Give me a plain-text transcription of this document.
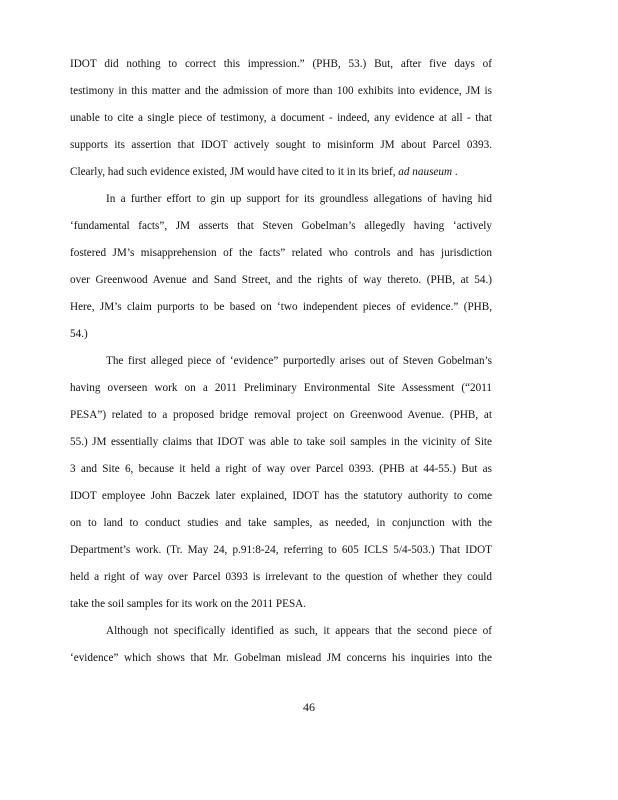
IDOT did nothing to correct this impression.” (PHB, 53.) But, after five days of
testimony in this matter and the admission of more than 100 exhibits into evidence, JM is
unable to cite a single piece of testimony, a document - indeed, any evidence at all - that
supports its assertion that IDOT actively sought to misinform JM about Parcel 0393.
Clearly, had such evidence existed, JM would have cited to it in its brief, ad nauseum .
In a further effort to gin up support for its groundless allegations of having hid
‘fundamental facts”, JM asserts that Steven Gobelman’s allegedly having ‘actively
fostered JM’s misapprehension of the facts” related who controls and has jurisdiction
over Greenwood Avenue and Sand Street, and the rights of way thereto. (PHB, at 54.)
Here, JM’s claim purports to be based on ‘two independent pieces of evidence.” (PHB,
54.)
The first alleged piece of ‘evidence” purportedly arises out of Steven Gobelman’s
having overseen work on a 2011 Preliminary Environmental Site Assessment (“2011
PESA”) related to a proposed bridge removal project on Greenwood Avenue. (PHB, at
55.) JM essentially claims that IDOT was able to take soil samples in the vicinity of Site
3 and Site 6, because it held a right of way over Parcel 0393. (PHB at 44-55.) But as
IDOT employee John Baczek later explained, IDOT has the statutory authority to come
on to land to conduct studies and take samples, as needed, in conjunction with the
Department’s work. (Tr. May 24, p.91:8-24, referring to 605 ICLS 5/4-503.) That IDOT
held a right of way over Parcel 0393 is irrelevant to the question of whether they could
take the soil samples for its work on the 2011 PESA.
Although not specifically identified as such, it appears that the second piece of
‘evidence” which shows that Mr. Gobelman mislead JM concerns his inquiries into the
46
